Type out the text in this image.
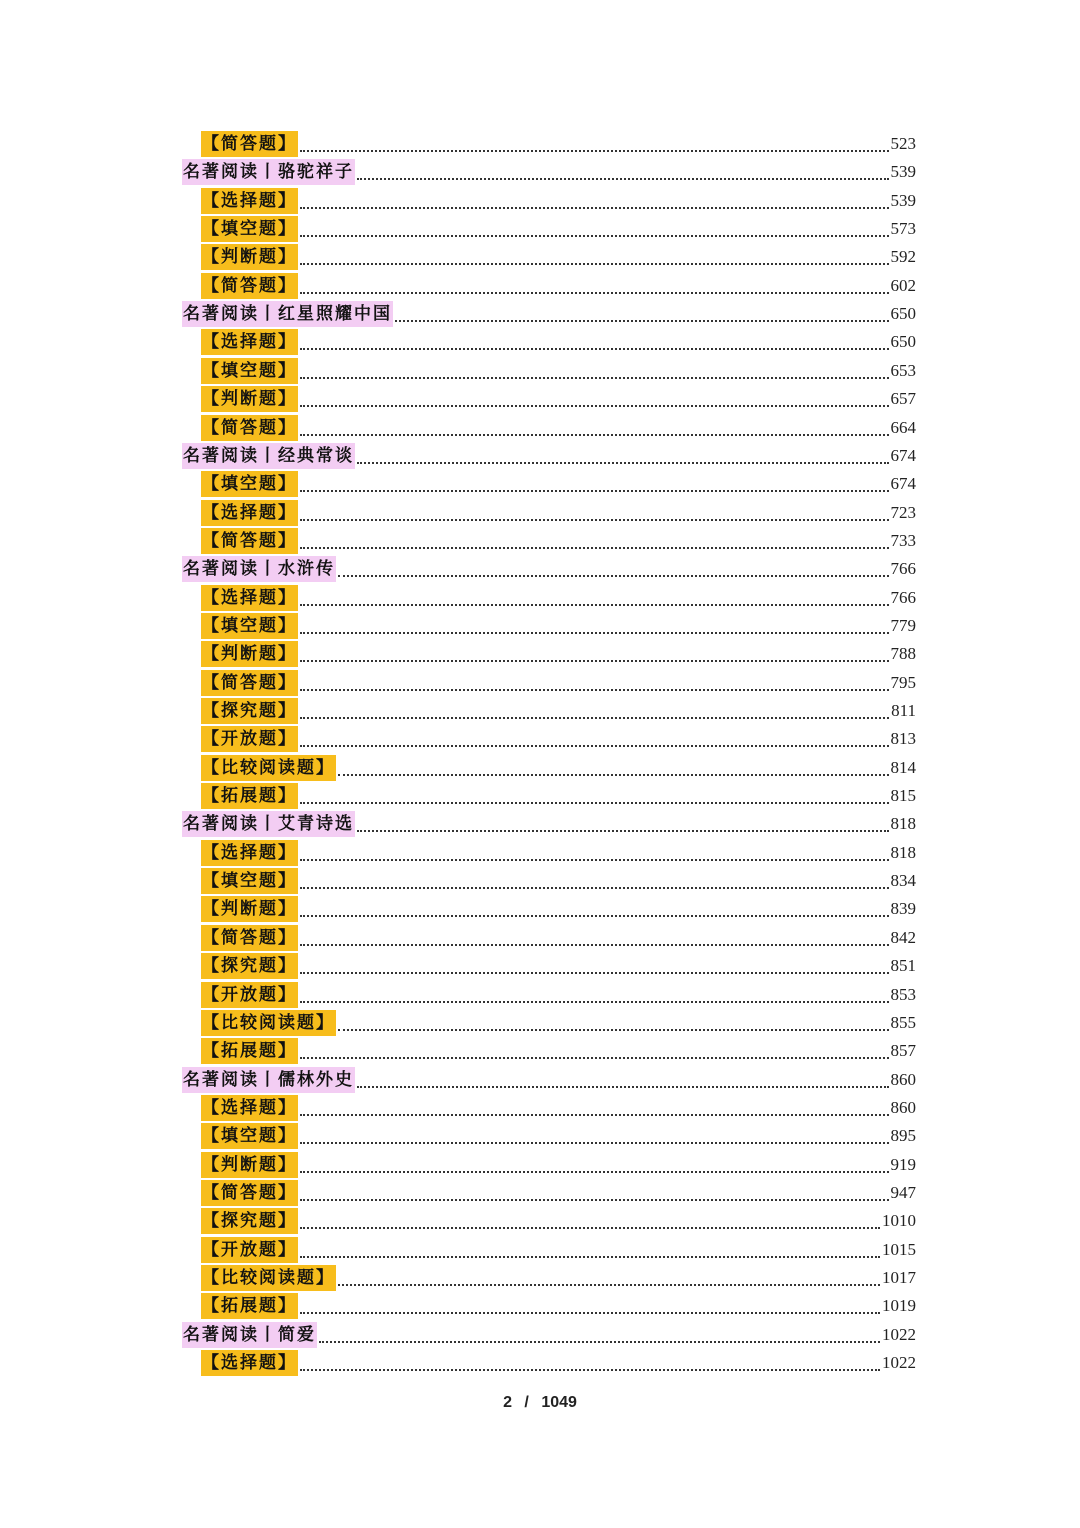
【简答题】	523
名著阅读丨骆驼祥子	539
【选择题】	539
【填空题】	573
【判断题】	592
【简答题】	602
名著阅读丨红星照耀中国	650
【选择题】	650
【填空题】	653
【判断题】	657
【简答题】	664
名著阅读丨经典常谈	674
【填空题】	674
【选择题】	723
【简答题】	733
名著阅读丨水浒传	766
【选择题】	766
【填空题】	779
【判断题】	788
【简答题】	795
【探究题】	811
【开放题】	813
【比较阅读题】	814
【拓展题】	815
名著阅读丨艾青诗选	818
【选择题】	818
【填空题】	834
【判断题】	839
【简答题】	842
【探究题】	851
【开放题】	853
【比较阅读题】	855
【拓展题】	857
名著阅读丨儒林外史	860
【选择题】	860
【填空题】	895
【判断题】	919
【简答题】	947
【探究题】	1010
【开放题】	1015
【比较阅读题】	1017
【拓展题】	1019
名著阅读丨简爱	1022
【选择题】	1022
2 / 1049
